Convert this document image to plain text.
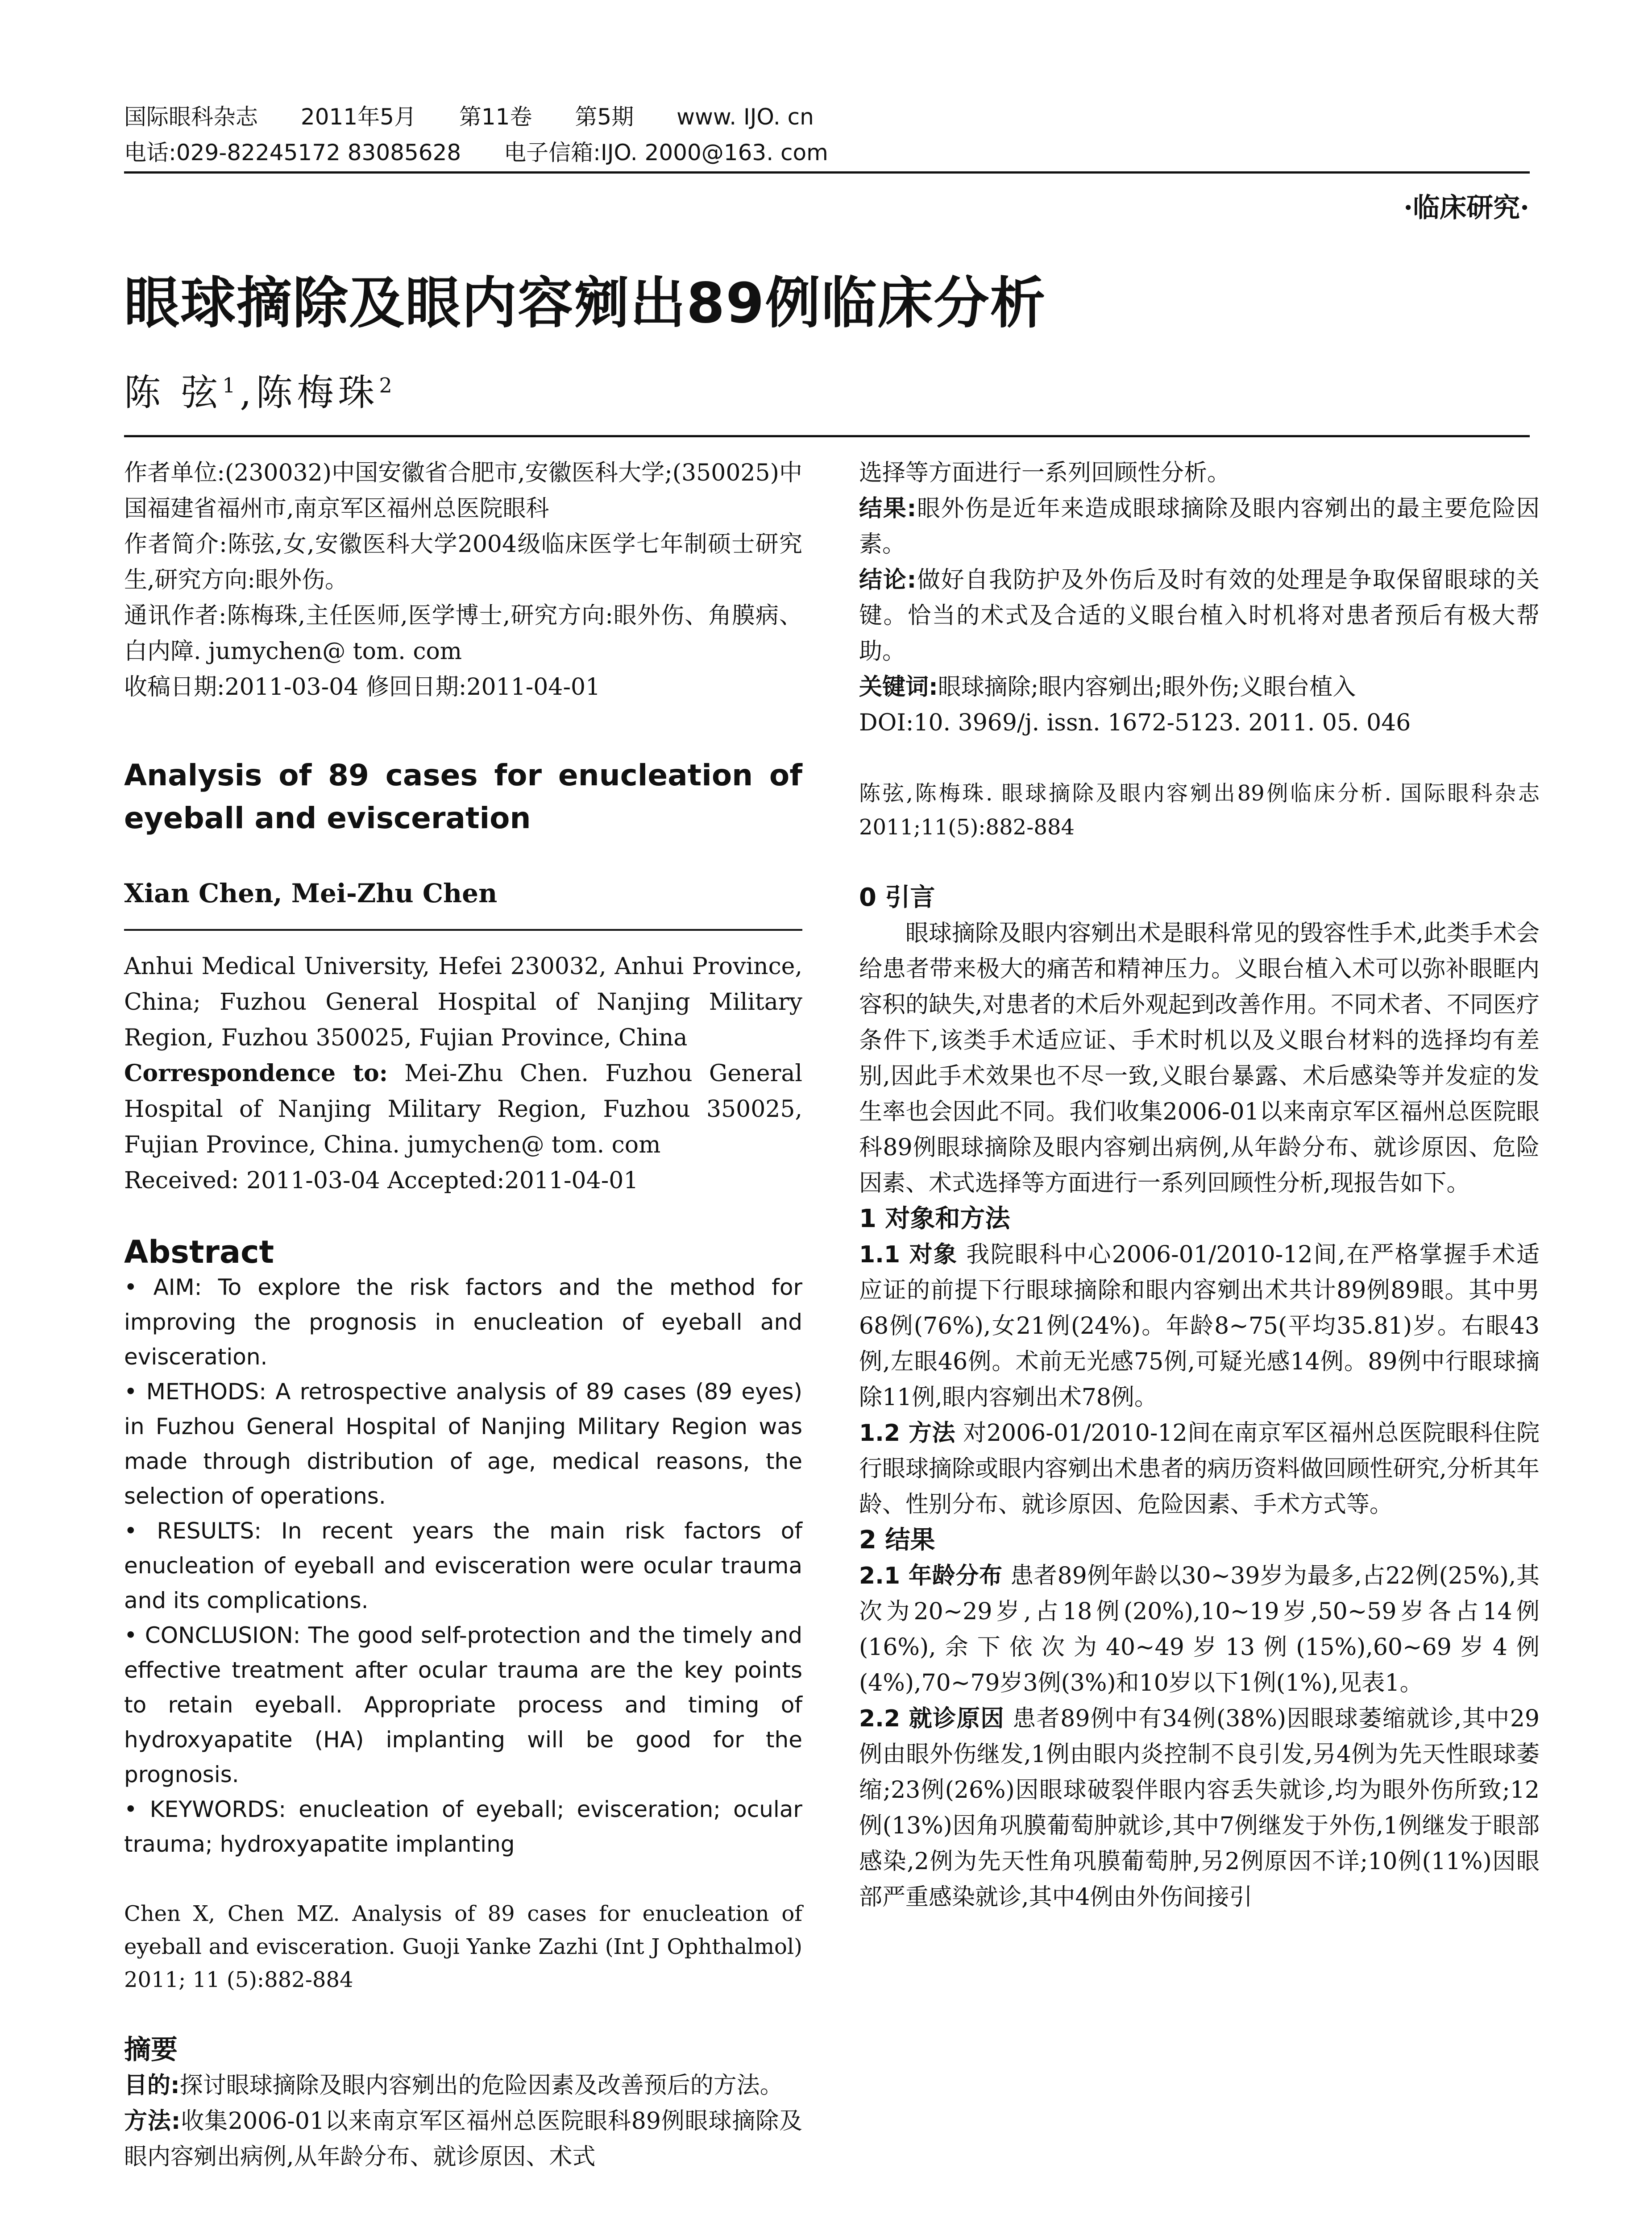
国际眼科杂志 2011年5月 第11卷 第5期 www. IJO. cn
电话:029-82245172 83085628 电子信箱:IJO. 2000@163. com
·临床研究·
眼球摘除及眼内容剜出89例临床分析
陈 弦$^1$,陈梅珠$^2$

作者单位:(230032)中国安徽省合肥市,安徽医科大学;(350025)中国福建省福州市,南京军区福州总医院眼科

作者简介:陈弦,女,安徽医科大学2004级临床医学七年制硕士研究生,研究方向:眼外伤。

通讯作者:陈梅珠,主任医师,医学博士,研究方向:眼外伤、角膜病、白内障. jumychen@ tom. com

收稿日期:2011-03-04 修回日期:2011-04-01

Analysis of 89 cases for enucleation of eyeball and evisceration

Xian Chen, Mei-Zhu Chen

Anhui Medical University, Hefei 230032, Anhui Province, China; Fuzhou General Hospital of Nanjing Military Region, Fuzhou 350025, Fujian Province, China

Correspondence to: Mei-Zhu Chen. Fuzhou General Hospital of Nanjing Military Region, Fuzhou 350025, Fujian Province, China. jumychen@ tom. com

Received: 2011-03-04 Accepted:2011-04-01

Abstract

• AIM: To explore the risk factors and the method for improving the prognosis in enucleation of eyeball and evisceration.

• METHODS: A retrospective analysis of 89 cases (89 eyes) in Fuzhou General Hospital of Nanjing Military Region was made through distribution of age, medical reasons, the selection of operations.

• RESULTS: In recent years the main risk factors of enucleation of eyeball and evisceration were ocular trauma and its complications.

• CONCLUSION: The good self-protection and the timely and effective treatment after ocular trauma are the key points to retain eyeball. Appropriate process and timing of hydroxyapatite (HA) implanting will be good for the prognosis.

• KEYWORDS: enucleation of eyeball; evisceration; ocular trauma; hydroxyapatite implanting

Chen X, Chen MZ. Analysis of 89 cases for enucleation of eyeball and evisceration. Guoji Yanke Zazhi (Int J Ophthalmol) 2011; 11 (5):882-884

摘要

目的:探讨眼球摘除及眼内容剜出的危险因素及改善预后的方法。

方法:收集2006-01以来南京军区福州总医院眼科89例眼球摘除及眼内容剜出病例,从年龄分布、就诊原因、术式

选择等方面进行一系列回顾性分析。

结果:眼外伤是近年来造成眼球摘除及眼内容剜出的最主要危险因素。

结论:做好自我防护及外伤后及时有效的处理是争取保留眼球的关键。恰当的术式及合适的义眼台植入时机将对患者预后有极大帮助。

关键词:眼球摘除;眼内容剜出;眼外伤;义眼台植入

DOI:10. 3969/j. issn. 1672-5123. 2011. 05. 046

陈弦,陈梅珠. 眼球摘除及眼内容剜出89例临床分析. 国际眼科杂志 2011;11(5):882-884

0 引言

眼球摘除及眼内容剜出术是眼科常见的毁容性手术,此类手术会给患者带来极大的痛苦和精神压力。义眼台植入术可以弥补眼眶内容积的缺失,对患者的术后外观起到改善作用。不同术者、不同医疗条件下,该类手术适应证、手术时机以及义眼台材料的选择均有差别,因此手术效果也不尽一致,义眼台暴露、术后感染等并发症的发生率也会因此不同。我们收集2006-01以来南京军区福州总医院眼科89例眼球摘除及眼内容剜出病例,从年龄分布、就诊原因、危险因素、术式选择等方面进行一系列回顾性分析,现报告如下。

1 对象和方法

1.1 对象 我院眼科中心2006-01/2010-12间,在严格掌握手术适应证的前提下行眼球摘除和眼内容剜出术共计89例89眼。其中男68例(76%),女21例(24%)。年龄8~75(平均35.81)岁。右眼43例,左眼46例。术前无光感75例,可疑光感14例。89例中行眼球摘除11例,眼内容剜出术78例。

1.2 方法 对2006-01/2010-12间在南京军区福州总医院眼科住院行眼球摘除或眼内容剜出术患者的病历资料做回顾性研究,分析其年龄、性别分布、就诊原因、危险因素、手术方式等。

2 结果

2.1 年龄分布 患者89例年龄以30~39岁为最多,占22例(25%),其次为20~29岁,占18例(20%),10~19岁,50~59岁各占14例(16%),余下依次为40~49岁13例(15%),60~69岁4例(4%),70~79岁3例(3%)和10岁以下1例(1%),见表1。

2.2 就诊原因 患者89例中有34例(38%)因眼球萎缩就诊,其中29例由眼外伤继发,1例由眼内炎控制不良引发,另4例为先天性眼球萎缩;23例(26%)因眼球破裂伴眼内容丢失就诊,均为眼外伤所致;12例(13%)因角巩膜葡萄肿就诊,其中7例继发于外伤,1例继发于眼部感染,2例为先天性角巩膜葡萄肿,另2例原因不详;10例(11%)因眼部严重感染就诊,其中4例由外伤间接引
